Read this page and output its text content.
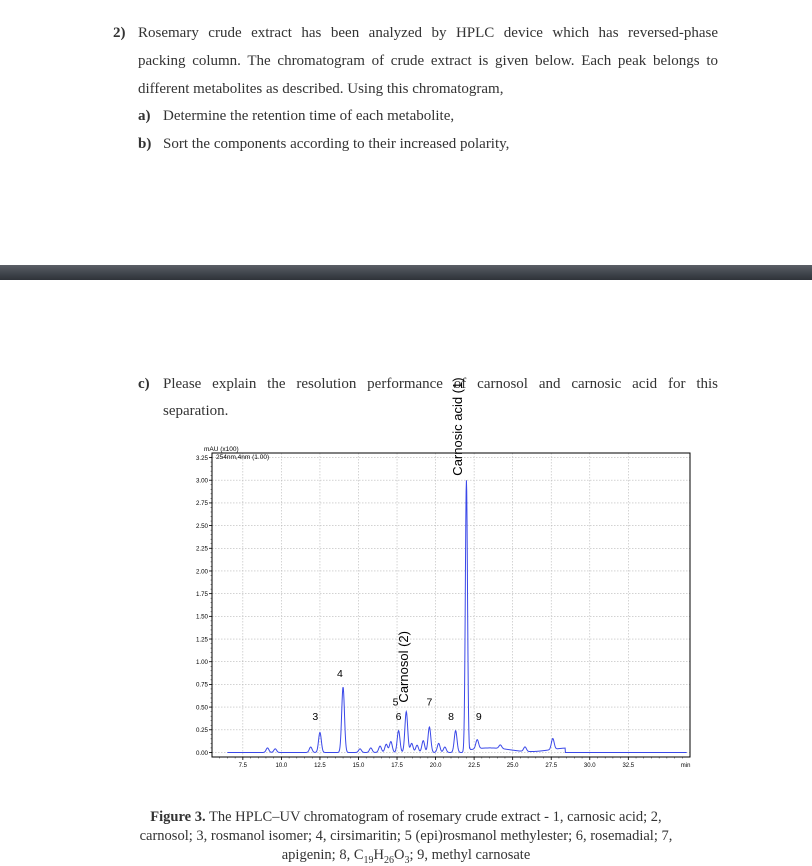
2) Rosemary crude extract has been analyzed by HPLC device which has reversed-phase
packing column. The chromatogram of crude extract is given below. Each peak belongs to
different metabolites as described. Using this chromatogram,
a) Determine the retention time of each metabolite,
b) Sort the components according to their increased polarity,
c) Please explain the resolution performance of carnosol and carnosic acid for this
separation.
0.00
0.25
0.50
0.75
1.00
1.25
1.50
1.75
2.00
2.25
2.50
2.75
3.00
3.25
7.5	10.0	12.5	15.0	17.5	20.0	22.5	25.0	27.5	30.0	32.5
Carnosol (2)
Carnosic acid (1)
3
4
5
6
7
8 9
mAU (x100)
254nm,4nm (1.00)
min
Figure 3. The HPLC–UV chromatogram of rosemary crude extract - 1, carnosic acid; 2,
carnosol; 3, rosmanol isomer; 4, cirsimaritin; 5 (epi)rosmanol methylester; 6, rosemadial; 7,
apigenin; 8, $C_{19}H_{26}O_3$; 9, methyl carnosate
